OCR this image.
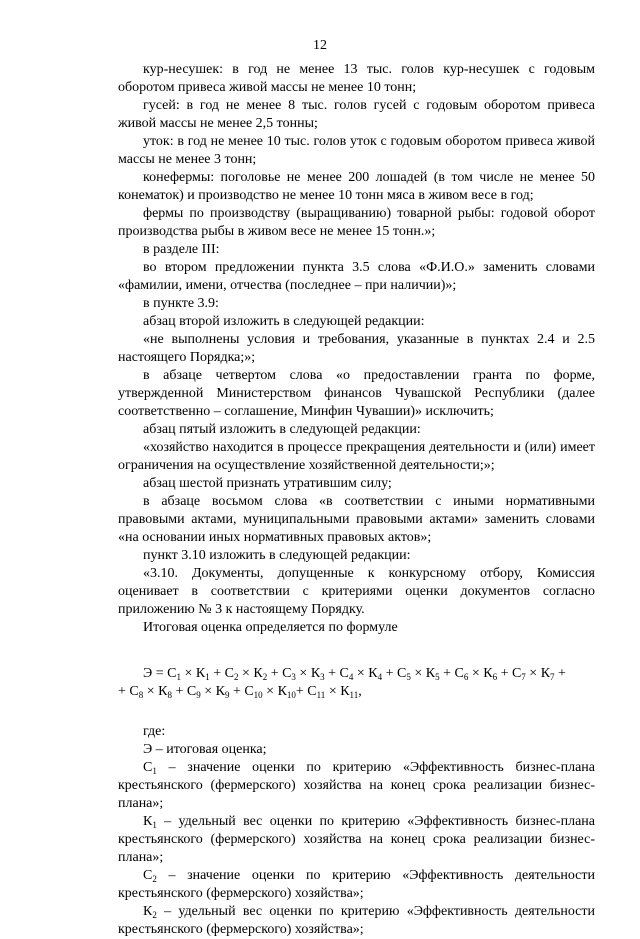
12

кур-несушек: в год не менее 13 тыс. голов кур-несушек с годовым оборотом привеса живой массы не менее 10 тонн;

гусей: в год не менее 8 тыс. голов гусей с годовым оборотом привеса живой массы не менее 2,5 тонны;

уток: в год не менее 10 тыс. голов уток с годовым оборотом привеса живой массы не менее 3 тонн;

конефермы: поголовье не менее 200 лошадей (в том числе не менее 50 конематок) и производство не менее 10 тонн мяса в живом весе в год;

фермы по производству (выращиванию) товарной рыбы: годовой оборот производства рыбы в живом весе не менее 15 тонн.»;

в разделе III:

во втором предложении пункта 3.5 слова «Ф.И.О.» заменить словами «фамилии, имени, отчества (последнее – при наличии)»;

в пункте 3.9:

абзац второй изложить в следующей редакции:

«не выполнены условия и требования, указанные в пунктах 2.4 и 2.5 настоящего Порядка;»;

в абзаце четвертом слова «о предоставлении гранта по форме, утвержденной Министерством финансов Чувашской Республики (далее соответственно – соглашение, Минфин Чувашии)» исключить;

абзац пятый изложить в следующей редакции:

«хозяйство находится в процессе прекращения деятельности и (или) имеет ограничения на осуществление хозяйственной деятельности;»;

абзац шестой признать утратившим силу;

в абзаце восьмом слова «в соответствии с иными нормативными правовыми актами, муниципальными правовыми актами» заменить словами «на основании иных нормативных правовых актов»;

пункт 3.10 изложить в следующей редакции:

«3.10. Документы, допущенные к конкурсному отбору, Комиссия оценивает в соответствии с критериями оценки документов согласно приложению № 3 к настоящему Порядку.

Итоговая оценка определяется по формуле

$Э = С_1 \times К_1 + С_2 \times К_2 + С_3 \times К_3 + С_4 \times К_4 + С_5 \times К_5 + С_6 \times К_6 + С_7 \times К_7$ +

+ $С_8 \times К_8 + С_9 \times К_9 + С_{10} \times К_{10}+ С_{11} \times К_{11}$,

где:

Э – итоговая оценка;

$С_1$ – значение оценки по критерию «Эффективность бизнес-плана крестьянского (фермерского) хозяйства на конец срока реализации бизнес-плана»;

$К_1$ – удельный вес оценки по критерию «Эффективность бизнес-плана крестьянского (фермерского) хозяйства на конец срока реализации бизнес-плана»;

$С_2$ – значение оценки по критерию «Эффективность деятельности крестьянского (фермерского) хозяйства»;

$К_2$ – удельный вес оценки по критерию «Эффективность деятельности крестьянского (фермерского) хозяйства»;
